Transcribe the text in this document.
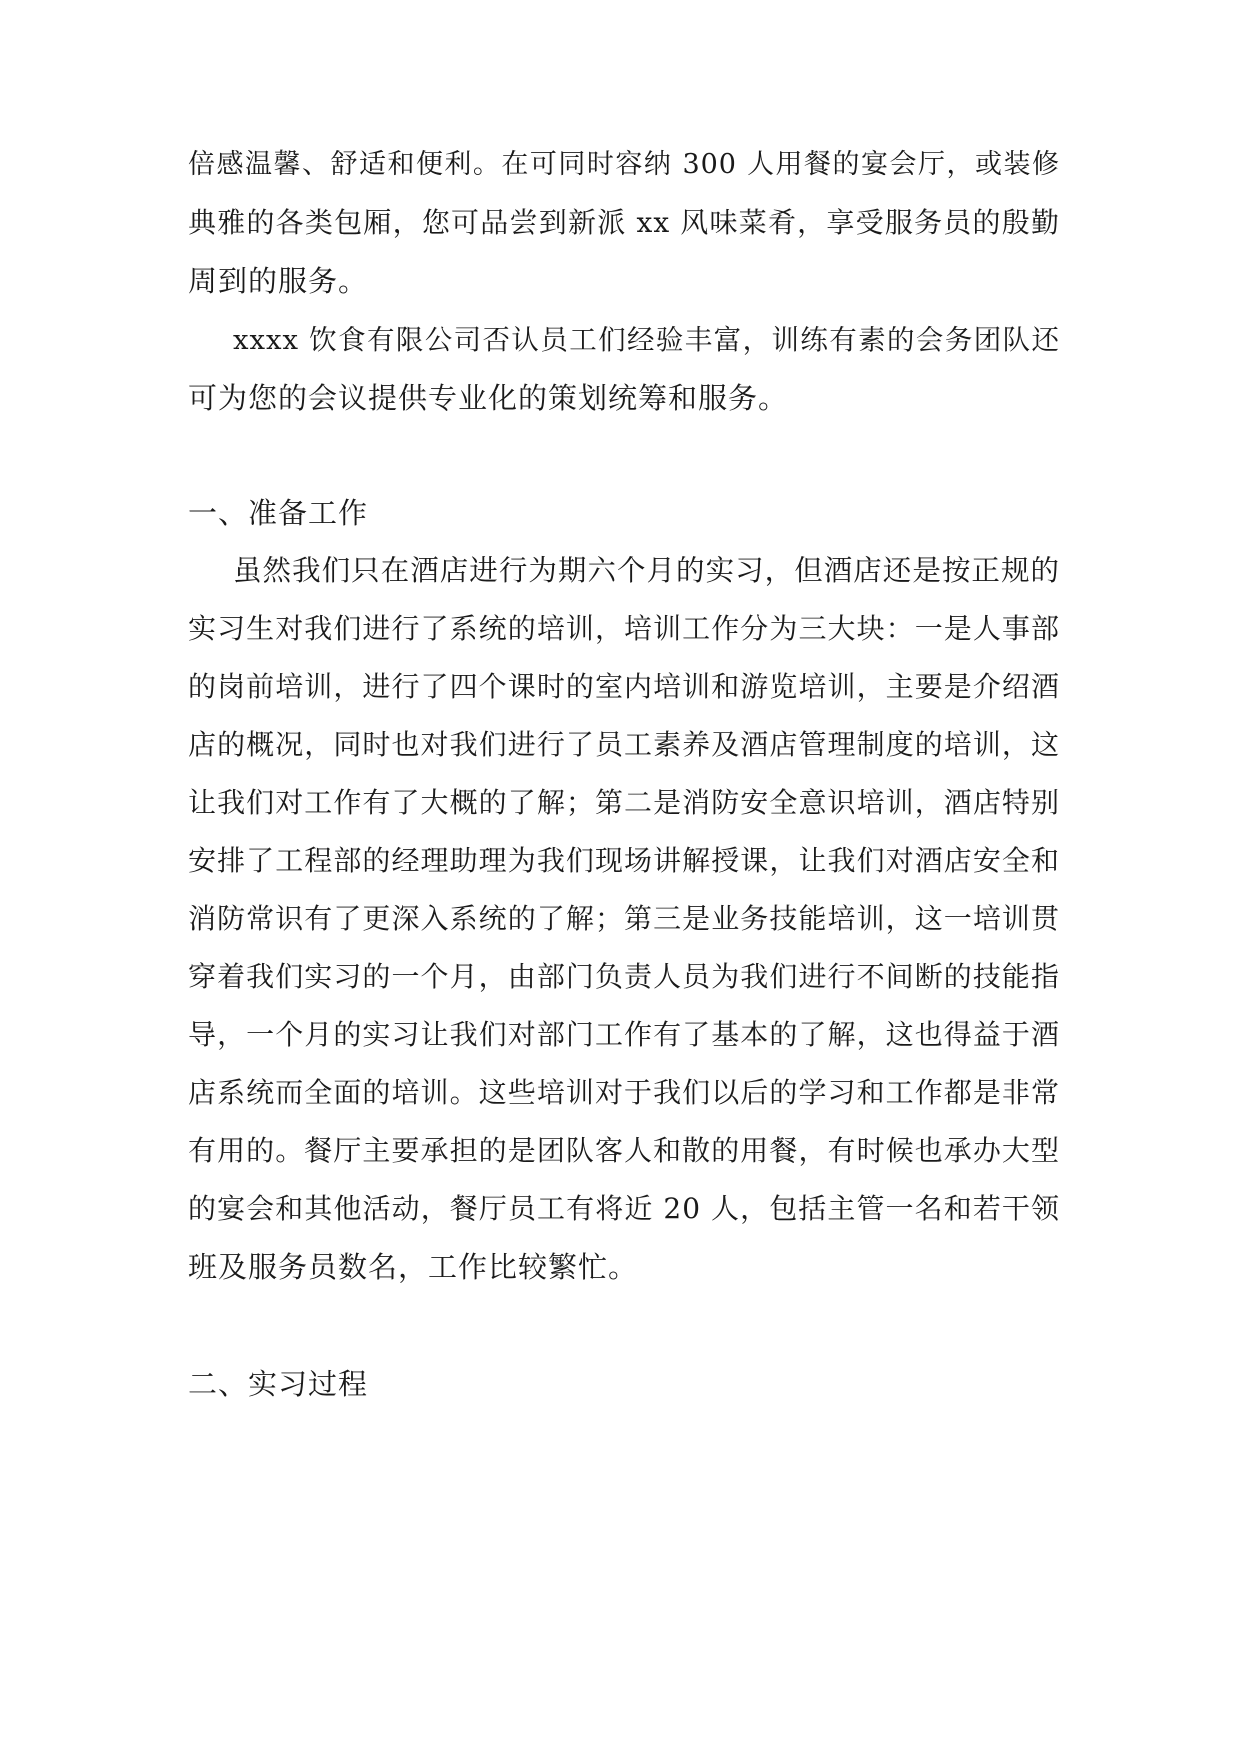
倍感温馨、舒适和便利。在可同时容纳 300 人用餐的宴会厅，或装修
典雅的各类包厢，您可品尝到新派 xx 风味菜肴，享受服务员的殷勤
周到的服务。
xxxx 饮食有限公司否认员工们经验丰富，训练有素的会务团队还
可为您的会议提供专业化的策划统筹和服务。
一、准备工作
虽然我们只在酒店进行为期六个月的实习，但酒店还是按正规的
实习生对我们进行了系统的培训，培训工作分为三大块：一是人事部
的岗前培训，进行了四个课时的室内培训和游览培训，主要是介绍酒
店的概况，同时也对我们进行了员工素养及酒店管理制度的培训，这
让我们对工作有了大概的了解；第二是消防安全意识培训，酒店特别
安排了工程部的经理助理为我们现场讲解授课，让我们对酒店安全和
消防常识有了更深入系统的了解；第三是业务技能培训，这一培训贯
穿着我们实习的一个月，由部门负责人员为我们进行不间断的技能指
导，一个月的实习让我们对部门工作有了基本的了解，这也得益于酒
店系统而全面的培训。这些培训对于我们以后的学习和工作都是非常
有用的。餐厅主要承担的是团队客人和散的用餐，有时候也承办大型
的宴会和其他活动，餐厅员工有将近 20 人，包括主管一名和若干领
班及服务员数名，工作比较繁忙。
二、实习过程
